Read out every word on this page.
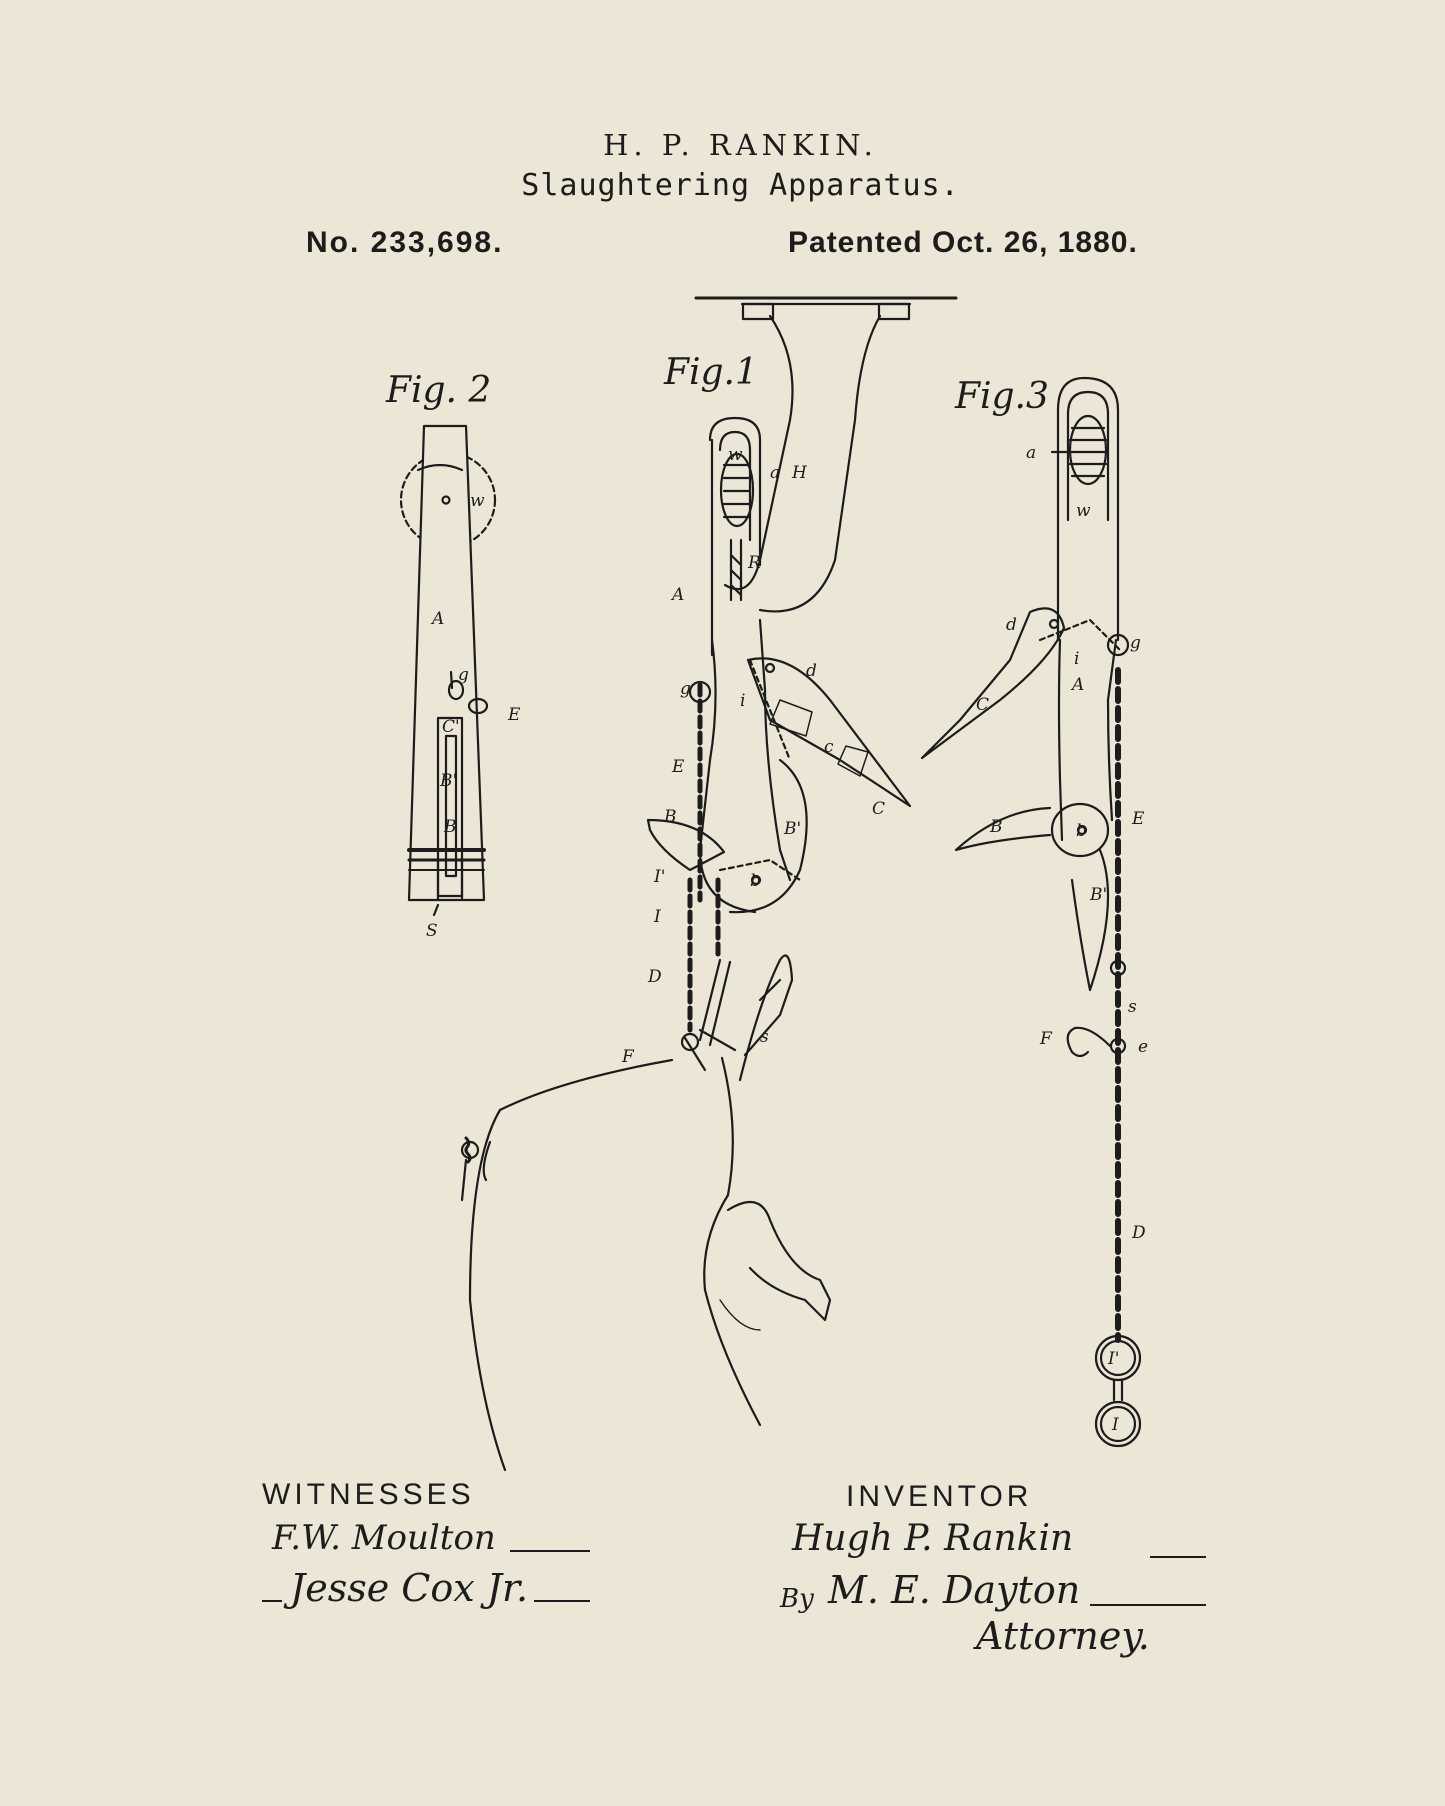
H. P. RANKIN.
Slaughtering Apparatus.
No. 233,698.	Patented Oct. 26, 1880.
Fig. 2	Fig.1
Fig.3
w
A
g
E
C'
B'
B
S
w
a H
R
A
d
g
i
c
E
C
B
B'
I'	b
I
D
F
s
a
w
d
g
i
A
C
E
B	b
B'
s
F	e
D
I'
I
WITNESSES
F.W. Moulton
Jesse Cox Jr.
INVENTOR
Hugh P. Rankin
By M. E. Dayton
Attorney.
